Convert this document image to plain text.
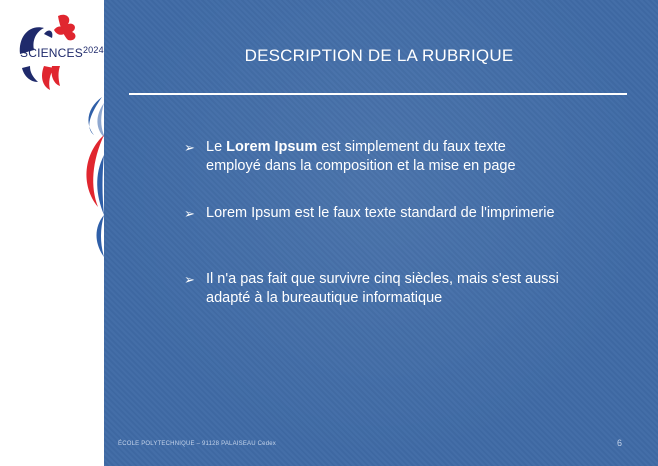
$SCIENCES^{2024}$	DESCRIPTION DE LA RUBRIQUE
➢ Le Lorem Ipsum est simplement du faux texte employé dans la composition et la mise en page
➢ Lorem Ipsum est le faux texte standard de l'imprimerie
➢ Il n'a pas fait que survivre cinq siècles, mais s'est aussi adapté à la bureautique informatique
ÉCOLE POLYTECHNIQUE – 91128 PALAISEAU Cedex	6
